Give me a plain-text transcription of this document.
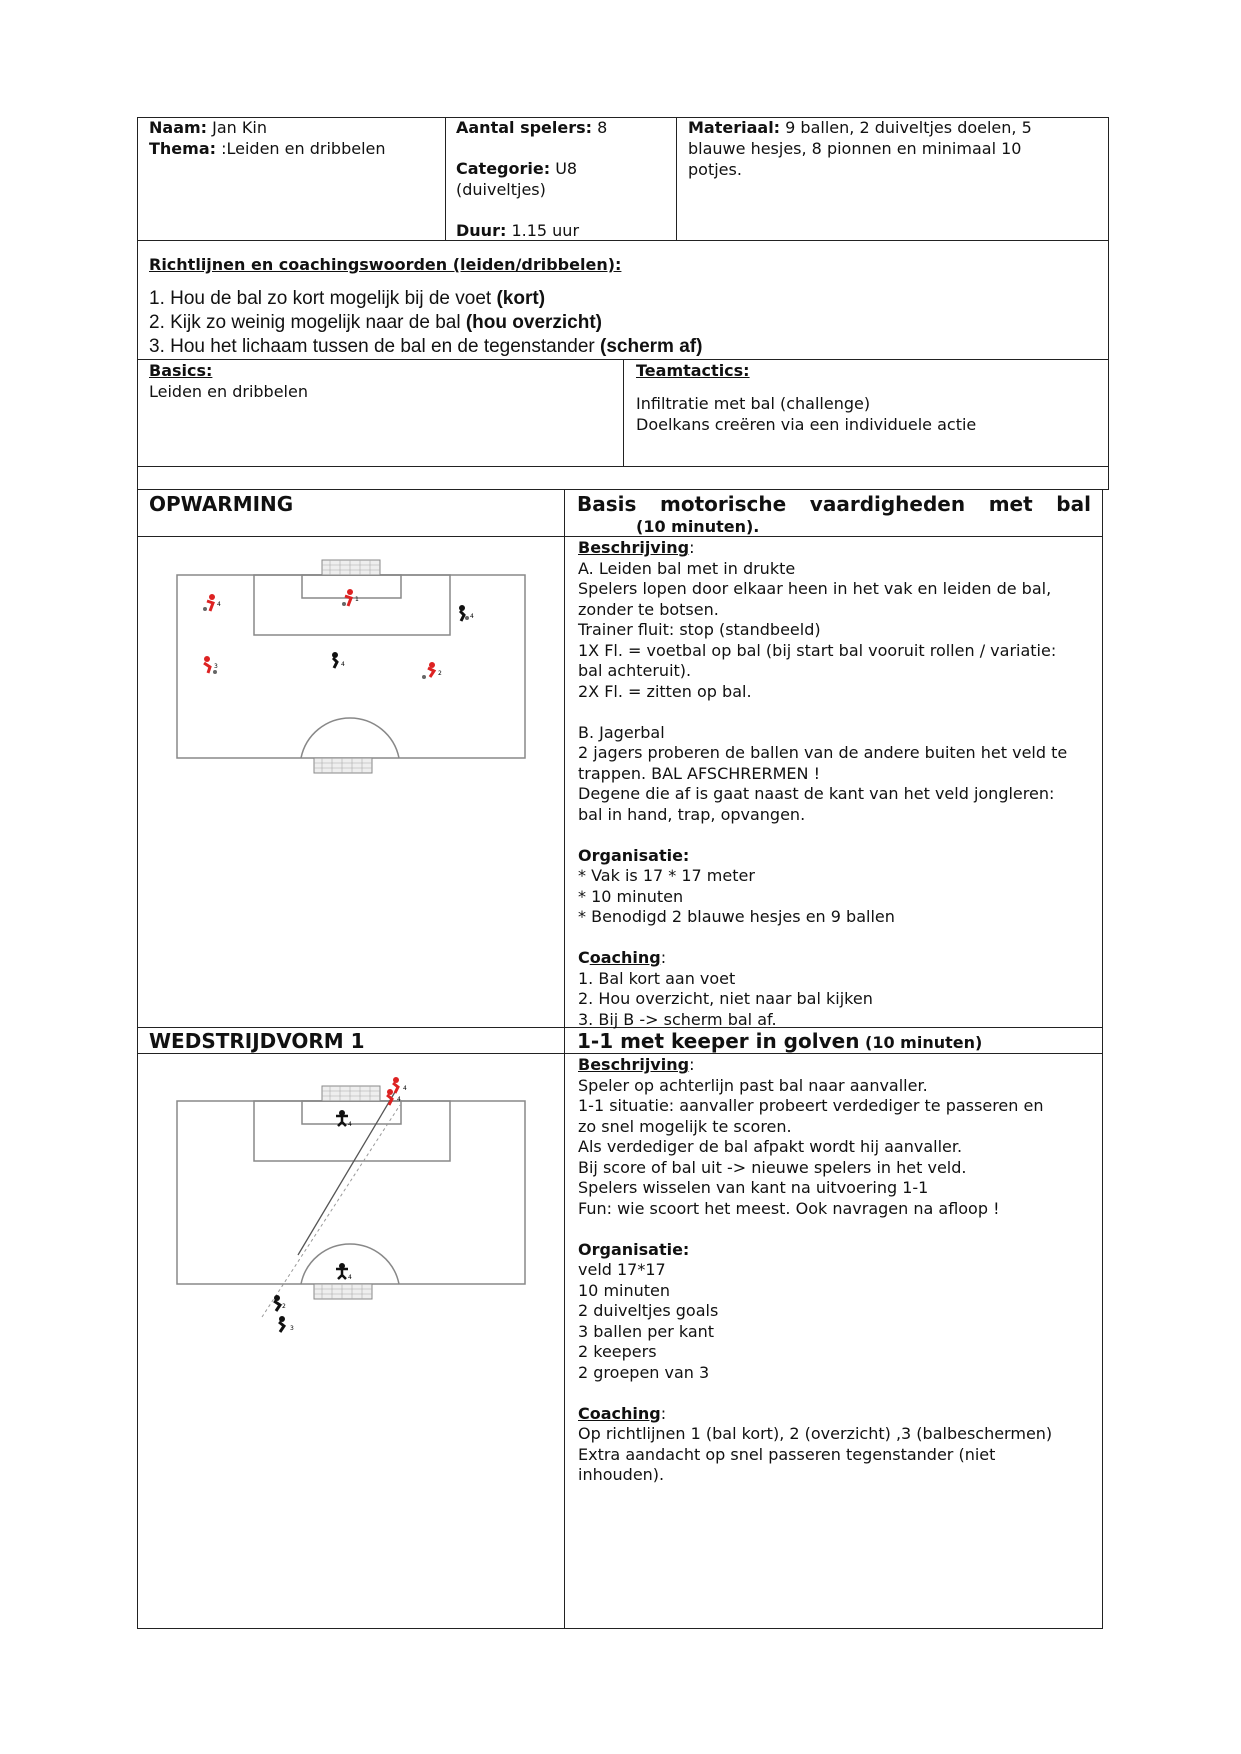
Naam: Jan Kin
Thema: :Leiden en dribbelen
Aantal spelers: 8
Categorie: U8
(duiveltjes)
Duur: 1.15 uur
Materiaal: 9 ballen, 2 duiveltjes doelen, 5
blauwe hesjes, 8 pionnen en minimaal 10
potjes.
Richtlijnen en coachingswoorden (leiden/dribbelen):
1. Hou de bal zo kort mogelijk bij de voet (kort)
2. Kijk zo weinig mogelijk naar de bal (hou overzicht)
3. Hou het lichaam tussen de bal en de tegenstander (scherm af)
Basics:
Leiden en dribbelen
Teamtactics:
Infiltratie met bal (challenge)
Doelkans creëren via een individuele actie
OPWARMING	Basis motorische vaardigheden met bal
(10 minuten).
Beschrijving:
A. Leiden bal met in drukte
Spelers lopen door elkaar heen in het vak en leiden de bal,
zonder te botsen.
Trainer fluit: stop (standbeeld)
1X Fl. = voetbal op bal (bij start bal vooruit rollen / variatie:
bal achteruit).
2X Fl. = zitten op bal.

B. Jagerbal
2 jagers proberen de ballen van de andere buiten het veld te
trappen. BAL AFSCHRERMEN !
Degene die af is gaat naast de kant van het veld jongleren:
bal in hand, trap, opvangen.

Organisatie:
* Vak is 17 * 17 meter
* 10 minuten
* Benodigd 2 blauwe hesjes en 9 ballen

Coaching:
1. Bal kort aan voet
2. Hou overzicht, niet naar bal kijken
3. Bij B -> scherm bal af.
4
1
4
3	4
2
WEDSTRIJDVORM 1	1-1 met keeper in golven (10 minuten)
Beschrijving:
Speler op achterlijn past bal naar aanvaller.
1-1 situatie: aanvaller probeert verdediger te passeren en
zo snel mogelijk te scoren.
Als verdediger de bal afpakt wordt hij aanvaller.
Bij score of bal uit -> nieuwe spelers in het veld.
Spelers wisselen van kant na uitvoering 1-1
Fun: wie scoort het meest. Ook navragen na afloop !

Organisatie:
veld 17*17
10 minuten
2 duiveltjes goals
3 ballen per kant
2 keepers
2 groepen van 3

Coaching:
Op richtlijnen 1 (bal kort), 2 (overzicht) ,3 (balbeschermen)
Extra aandacht op snel passeren tegenstander (niet
inhouden).
4
4
4
4
2
3
